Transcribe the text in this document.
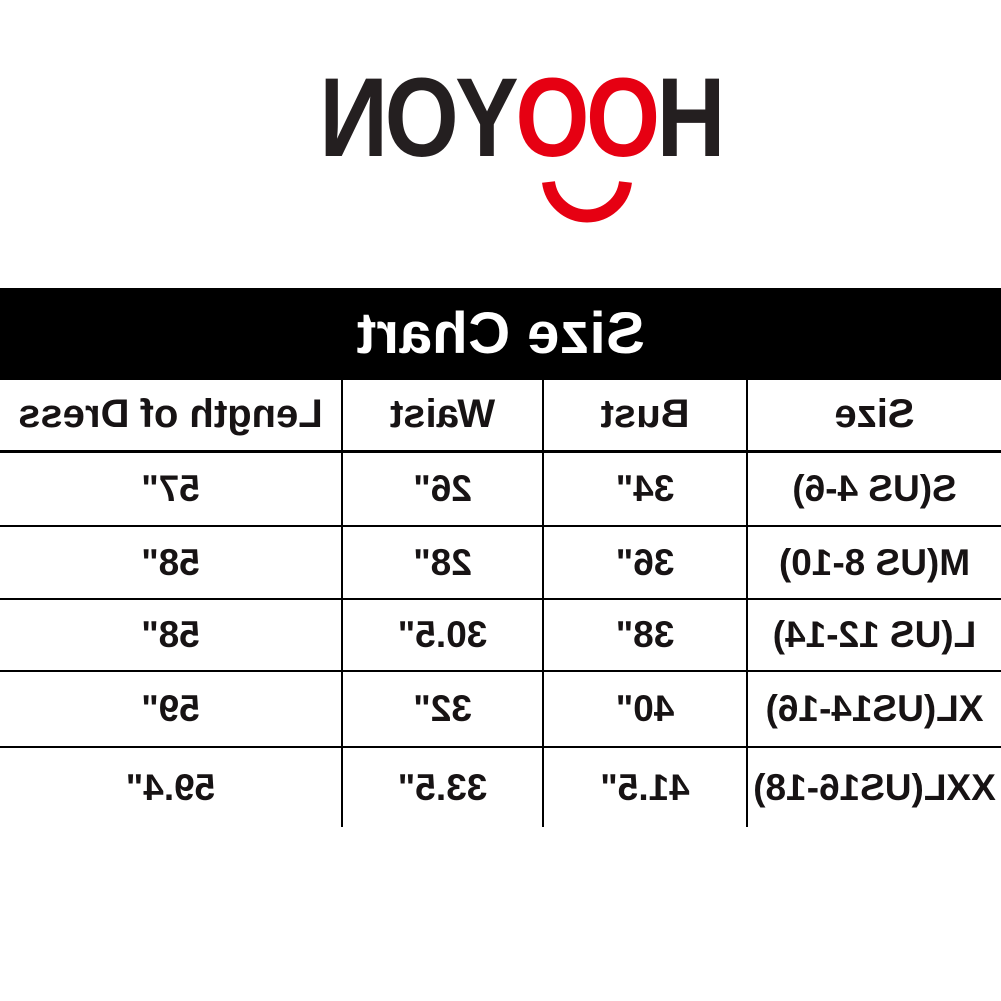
HOOYON
Size Chart
Size	Bust	Waist	Length of Dress
S(US 4-6)	34"	26"	57"
M(US 8-10)	36"	28"	58"
L(US 12-14)	38"	30.5"	58"
XL(US14-16)	40"	32"	59"
XXL(US16-18)	41.5"	33.5"	59.4"
